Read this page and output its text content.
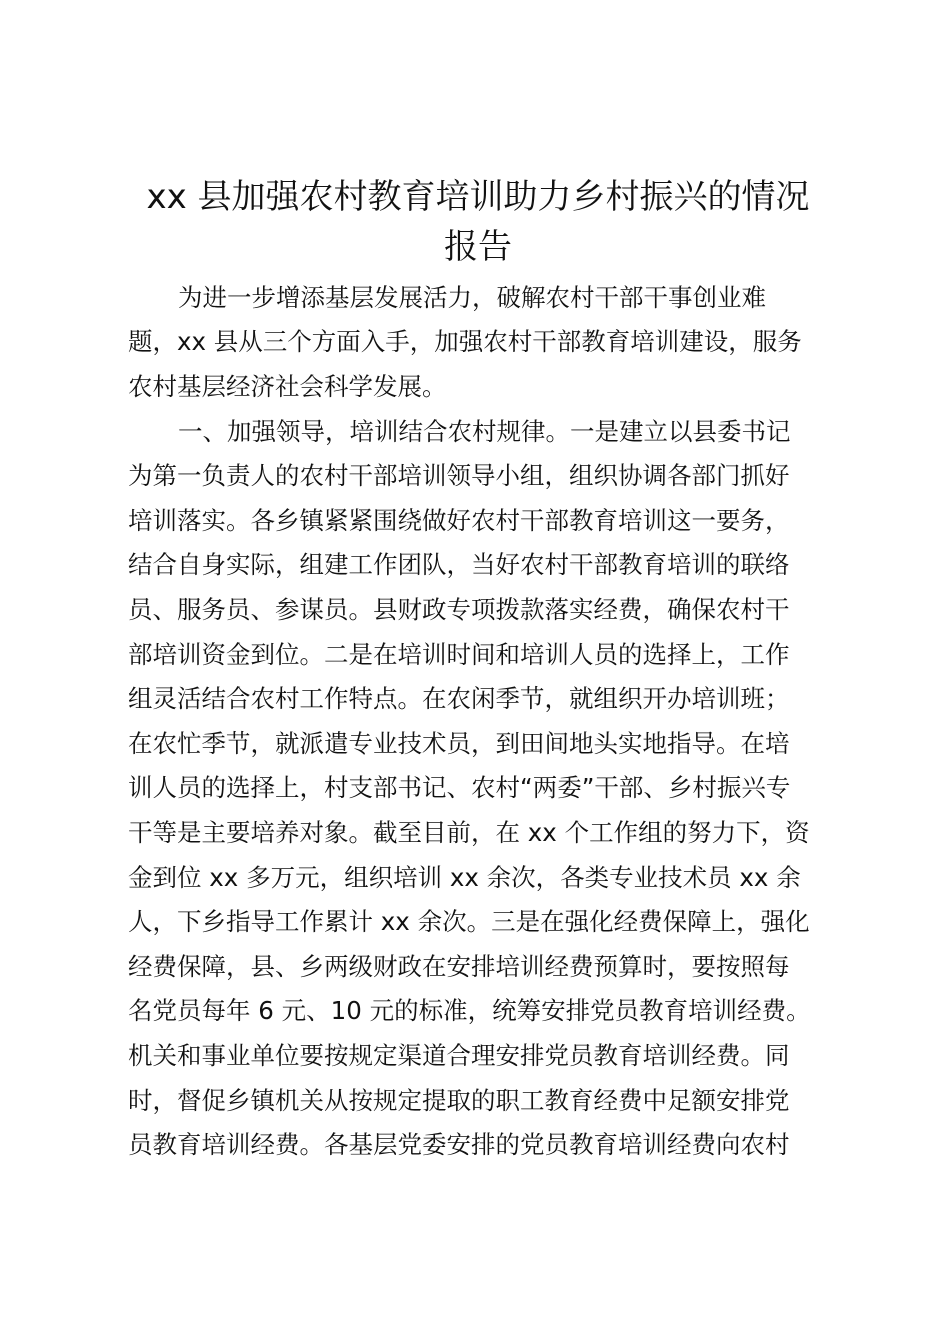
xx 县加强农村教育培训助力乡村振兴的情况
报告

为进一步增添基层发展活力，破解农村干部干事创业难

题，xx 县从三个方面入手，加强农村干部教育培训建设，服务

农村基层经济社会科学发展。

一、加强领导，培训结合农村规律。一是建立以县委书记

为第一负责人的农村干部培训领导小组，组织协调各部门抓好

培训落实。各乡镇紧紧围绕做好农村干部教育培训这一要务，

结合自身实际，组建工作团队，当好农村干部教育培训的联络

员、服务员、参谋员。县财政专项拨款落实经费，确保农村干

部培训资金到位。二是在培训时间和培训人员的选择上，工作

组灵活结合农村工作特点。在农闲季节，就组织开办培训班；

在农忙季节，就派遣专业技术员，到田间地头实地指导。在培

训人员的选择上，村支部书记、农村“两委”干部、乡村振兴专

干等是主要培养对象。截至目前，在 xx 个工作组的努力下，资

金到位 xx 多万元，组织培训 xx 余次，各类专业技术员 xx 余

人，下乡指导工作累计 xx 余次。三是在强化经费保障上，强化

经费保障，县、乡两级财政在安排培训经费预算时，要按照每

名党员每年 6 元、10 元的标准，统筹安排党员教育培训经费。

机关和事业单位要按规定渠道合理安排党员教育培训经费。同

时，督促乡镇机关从按规定提取的职工教育经费中足额安排党

员教育培训经费。各基层党委安排的党员教育培训经费向农村
